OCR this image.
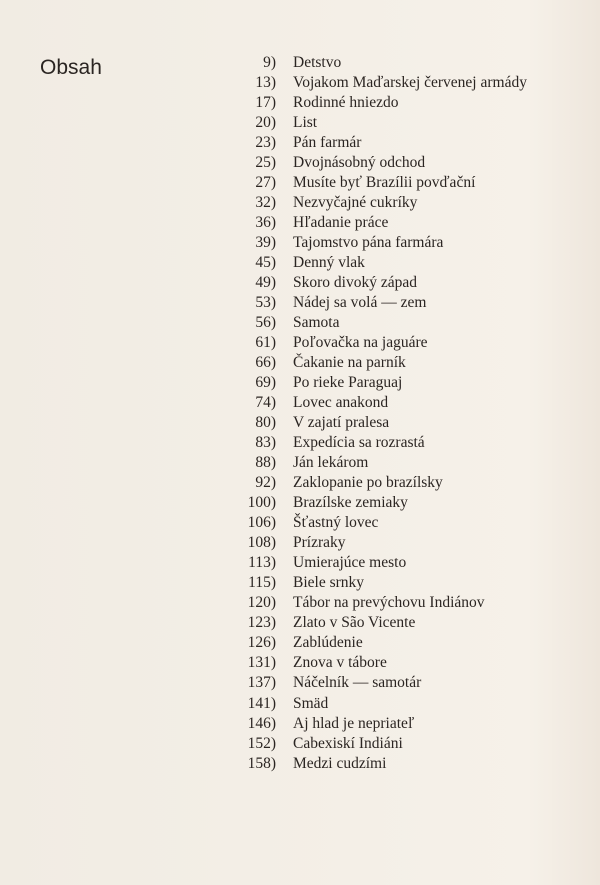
Obsah	9) Detstvo
13) Vojakom Maďarskej červenej armády
17) Rodinné hniezdo
20) List
23) Pán farmár
25) Dvojnásobný odchod
27) Musíte byť Brazílii povďační
32) Nezvyčajné cukríky
36) Hľadanie práce
39) Tajomstvo pána farmára
45) Denný vlak
49) Skoro divoký západ
53) Nádej sa volá — zem
56) Samota
61) Poľovačka na jaguáre
66) Čakanie na parník
69) Po rieke Paraguaj
74) Lovec anakond
80) V zajatí pralesa
83) Expedícia sa rozrastá
88) Ján lekárom
92) Zaklopanie po brazílsky
100) Brazílske zemiaky
106) Šťastný lovec
108) Prízraky
113) Umierajúce mesto
115) Biele srnky
120) Tábor na prevýchovu Indiánov
123) Zlato v São Vicente
126) Zablúdenie
131) Znova v tábore
137) Náčelník — samotár
141) Smäd
146) Aj hlad je nepriateľ
152) Cabexiskí Indiáni
158) Medzi cudzími
